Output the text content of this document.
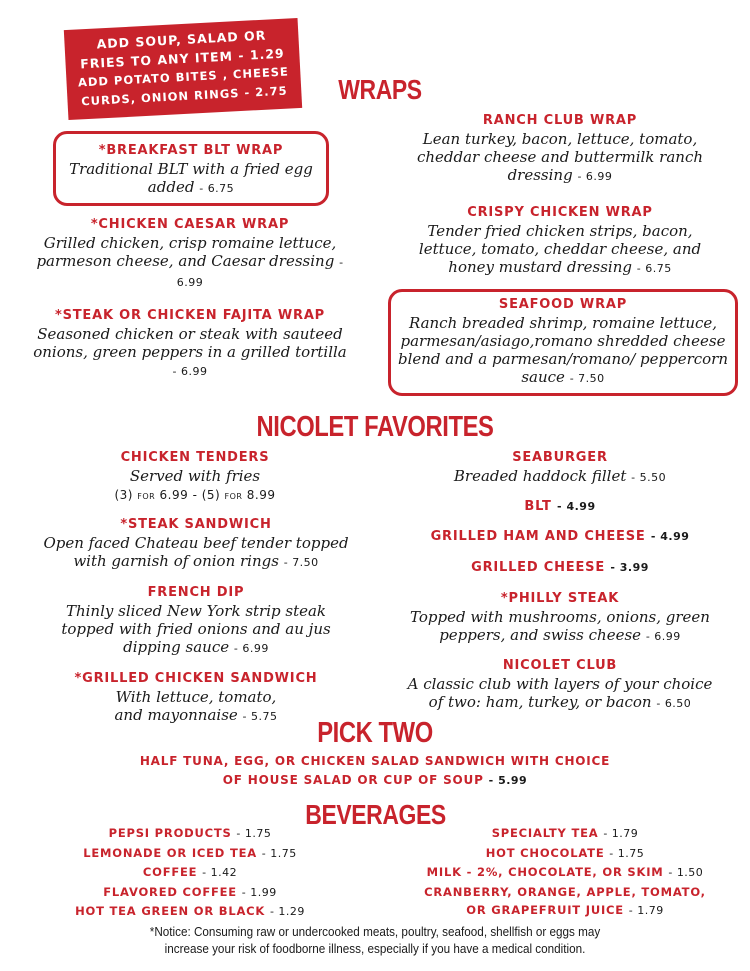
ADD SOUP, SALAD OR
FRIES TO ANY ITEM - 1.29
ADD POTATO BITES , CHEESE
CURDS, ONION RINGS - 2.75	WRAPS
*BREAKFAST BLT WRAP
Traditional BLT with a fried egg added - 6.75
*CHICKEN CAESAR WRAP
Grilled chicken, crisp romaine lettuce, parmeson cheese, and Caesar dressing - 6.99
*STEAK OR CHICKEN FAJITA WRAP
Seasoned chicken or steak with sauteed onions, green peppers in a grilled tortilla - 6.99
RANCH CLUB WRAP
Lean turkey, bacon, lettuce, tomato, cheddar cheese and buttermilk ranch dressing - 6.99
CRISPY CHICKEN WRAP
Tender fried chicken strips, bacon, lettuce, tomato, cheddar cheese, and honey mustard dressing - 6.75
SEAFOOD WRAP
Ranch breaded shrimp, romaine lettuce, parmesan/asiago,romano shredded cheese blend and a parmesan/romano/ peppercorn sauce - 7.50
NICOLET FAVORITES
CHICKEN TENDERS
Served with fries
(3) for 6.99 - (5) for 8.99
*STEAK SANDWICH
Open faced Chateau beef tender topped with garnish of onion rings - 7.50
FRENCH DIP
Thinly sliced New York strip steak topped with fried onions and au jus dipping sauce - 6.99
*GRILLED CHICKEN SANDWICH
With lettuce, tomato, and mayonnaise - 5.75
SEABURGER
Breaded haddock fillet - 5.50
BLT - 4.99
GRILLED HAM AND CHEESE - 4.99
GRILLED CHEESE - 3.99
*PHILLY STEAK
Topped with mushrooms, onions, green peppers, and swiss cheese - 6.99
NICOLET CLUB
A classic club with layers of your choice of two: ham, turkey, or bacon - 6.50
PICK TWO
HALF TUNA, EGG, OR CHICKEN SALAD SANDWICH WITH CHOICE
OF HOUSE SALAD OR CUP OF SOUP - 5.99
BEVERAGES
PEPSI PRODUCTS - 1.75
LEMONADE OR ICED TEA - 1.75
COFFEE - 1.42
FLAVORED COFFEE - 1.99
HOT TEA GREEN OR BLACK - 1.29
SPECIALTY TEA - 1.79
HOT CHOCOLATE - 1.75
MILK - 2%, CHOCOLATE, OR SKIM - 1.50
CRANBERRY, ORANGE, APPLE, TOMATO,
OR GRAPEFRUIT JUICE - 1.79
*Notice: Consuming raw or undercooked meats, poultry, seafood, shellfish or eggs may
increase your risk of foodborne illness, especially if you have a medical condition.
